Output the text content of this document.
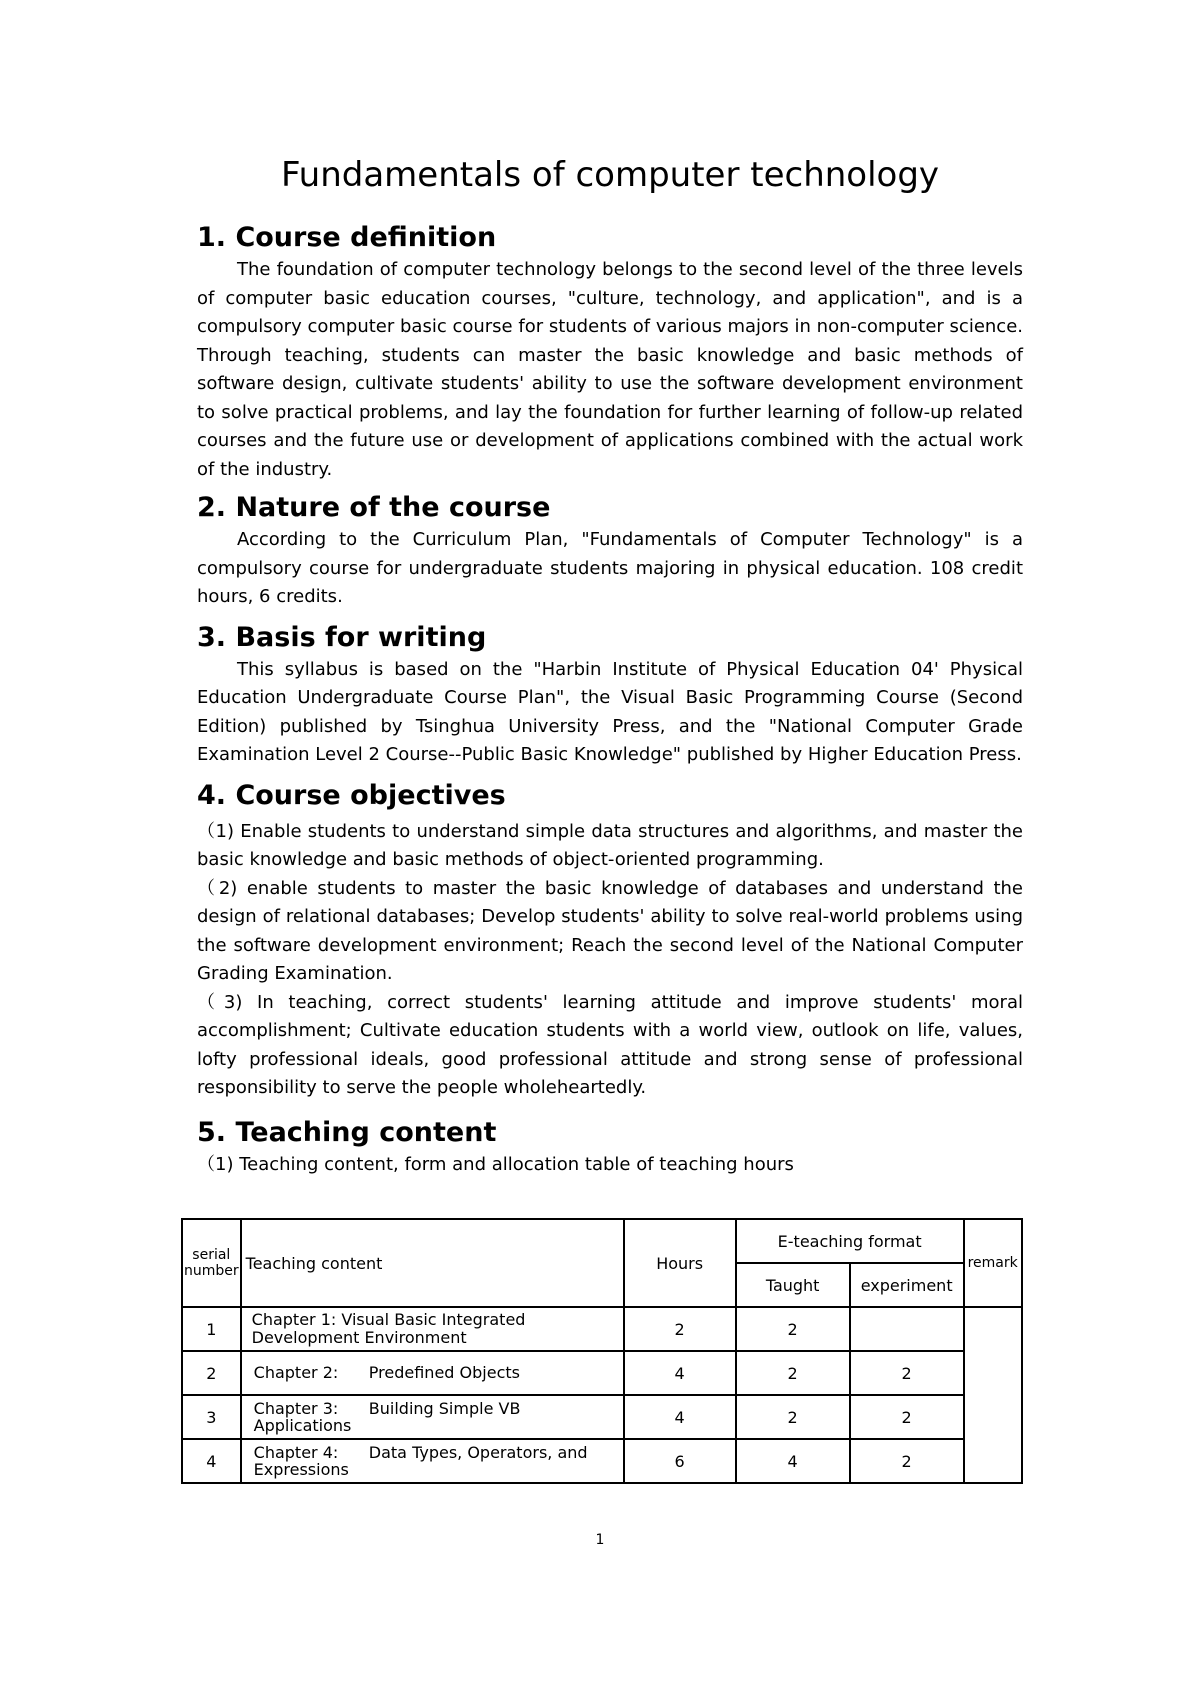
Fundamentals of computer technology
1. Course definition

The foundation of computer technology belongs to the second level of the three levels of computer basic education courses, "culture, technology, and application", and is a compulsory computer basic course for students of various majors in non-computer science. Through teaching, students can master the basic knowledge and basic methods of software design, cultivate students' ability to use the software development environment to solve practical problems, and lay the foundation for further learning of follow-up related courses and the future use or development of applications combined with the actual work of the industry.

2. Nature of the course

According to the Curriculum Plan, "Fundamentals of Computer Technology" is a compulsory course for undergraduate students majoring in physical education. 108 credit hours, 6 credits.

3. Basis for writing

This syllabus is based on the "Harbin Institute of Physical Education 04' Physical Education Undergraduate Course Plan", the Visual Basic Programming Course (Second Edition) published by Tsinghua University Press, and the "National Computer Grade Examination Level 2 Course--Public Basic Knowledge" published by Higher Education Press.

4. Course objectives

（1) Enable students to understand simple data structures and algorithms, and master the basic knowledge and basic methods of object-oriented programming.

（2) enable students to master the basic knowledge of databases and understand the design of relational databases; Develop students' ability to solve real-world problems using the software development environment; Reach the second level of the National Computer Grading Examination.

（3) In teaching, correct students' learning attitude and improve students' moral accomplishment; Cultivate education students with a world view, outlook on life, values, lofty professional ideals, good professional attitude and strong sense of professional responsibility to serve the people wholeheartedly.

5. Teaching content

（1) Teaching content, form and allocation table of teaching hours

serial number	Teaching content	Hours	E-teaching format		remark
			Taught	experiment	
1	Chapter 1: Visual Basic Integrated Development Environment	2	2		
2	Chapter 2:      Predefined Objects	4	2	2	
3	Chapter 3:      Building Simple VB Applications	4	2	2	
4	Chapter 4:      Data Types, Operators, and Expressions	6	4	2	
1
